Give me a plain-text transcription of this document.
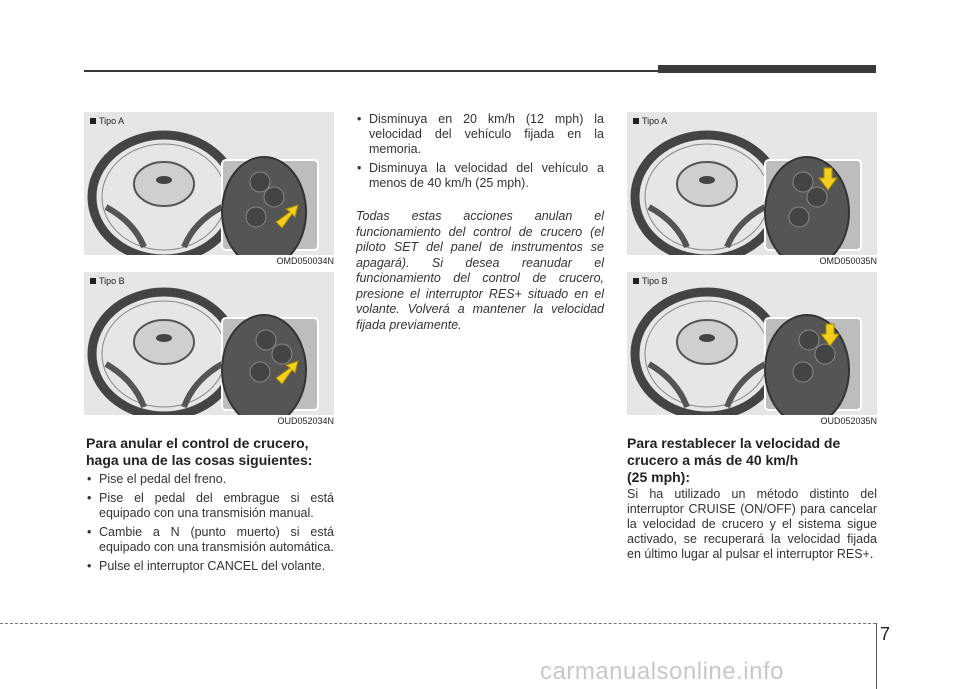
Tipo A
OMD050034N
Tipo B
OUD052034N
Para anular el control de crucero,
haga una de las cosas siguientes:
• Pise el pedal del freno.
• Pise el pedal del embrague si está equipado con una transmisión manual.
• Cambie a N (punto muerto) si está equipado con una transmisión automática.
• Pulse el interruptor CANCEL del volante.
• Disminuya en 20 km/h (12 mph) la velocidad del vehículo fijada en la memoria.
• Disminuya la velocidad del vehículo a menos de 40 km/h (25 mph).
Todas estas acciones anulan el funcionamiento del control de crucero (el piloto SET del panel de instrumentos se apagará). Si desea reanudar el funcionamiento del control de crucero, presione el interruptor RES+ situado en el volante. Volverá a mantener la velocidad fijada previamente.
Tipo A
OMD050035N
Tipo B
OUD052035N
Para restablecer la velocidad de
crucero a más de 40 km/h
(25 mph):
Si ha utilizado un método distinto del interruptor CRUISE (ON/OFF) para cancelar la velocidad de crucero y el sistema sigue activado, se recuperará la velocidad fijada en último lugar al pulsar el interruptor RES+.
7
carmanualsonline.info
